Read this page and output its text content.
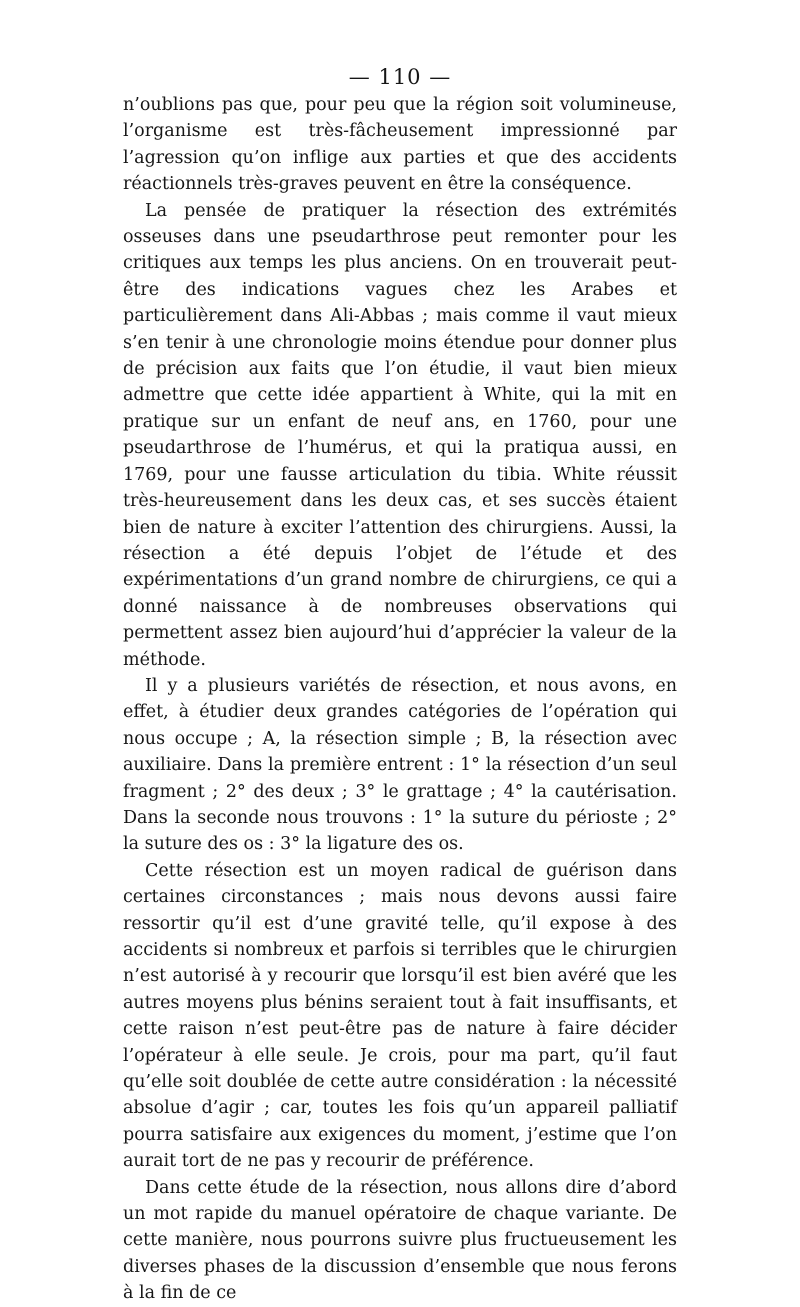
— 110 —

n’oublions pas que, pour peu que la région soit volumineuse, l’organisme est très-fâcheusement impressionné par l’agression qu’on inflige aux parties et que des accidents réactionnels très-graves peuvent en être la conséquence.

La pensée de pratiquer la résection des extrémités osseuses dans une pseudarthrose peut remonter pour les critiques aux temps les plus anciens. On en trouverait peut-être des indications vagues chez les Arabes et particulièrement dans Ali-Abbas ; mais comme il vaut mieux s’en tenir à une chronologie moins étendue pour donner plus de précision aux faits que l’on étudie, il vaut bien mieux admettre que cette idée appartient à White, qui la mit en pratique sur un enfant de neuf ans, en 1760, pour une pseudarthrose de l’humérus, et qui la pratiqua aussi, en 1769, pour une fausse articulation du tibia. White réussit très-heureusement dans les deux cas, et ses succès étaient bien de nature à exciter l’attention des chirurgiens. Aussi, la résection a été depuis l’objet de l’étude et des expérimentations d’un grand nombre de chirurgiens, ce qui a donné naissance à de nombreuses observations qui permettent assez bien aujourd’hui d’apprécier la valeur de la méthode.

Il y a plusieurs variétés de résection, et nous avons, en effet, à étudier deux grandes catégories de l’opération qui nous occupe ; A, la résection simple ; B, la résection avec auxiliaire. Dans la première entrent : 1° la résection d’un seul fragment ; 2° des deux ; 3° le grattage ; 4° la cautérisation. Dans la seconde nous trouvons : 1° la suture du périoste ; 2° la suture des os : 3° la ligature des os.

Cette résection est un moyen radical de guérison dans certaines circonstances ; mais nous devons aussi faire ressortir qu’il est d’une gravité telle, qu’il expose à des accidents si nombreux et parfois si terribles que le chirurgien n’est autorisé à y recourir que lorsqu’il est bien avéré que les autres moyens plus bénins seraient tout à fait insuffisants, et cette raison n’est peut-être pas de nature à faire décider l’opérateur à elle seule. Je crois, pour ma part, qu’il faut qu’elle soit doublée de cette autre considération : la nécessité absolue d’agir ; car, toutes les fois qu’un appareil palliatif pourra satisfaire aux exigences du moment, j’estime que l’on aurait tort de ne pas y recourir de préférence.

Dans cette étude de la résection, nous allons dire d’abord un mot rapide du manuel opératoire de chaque variante. De cette manière, nous pourrons suivre plus fructueusement les diverses phases de la discussion d’ensemble que nous ferons à la fin de ce
